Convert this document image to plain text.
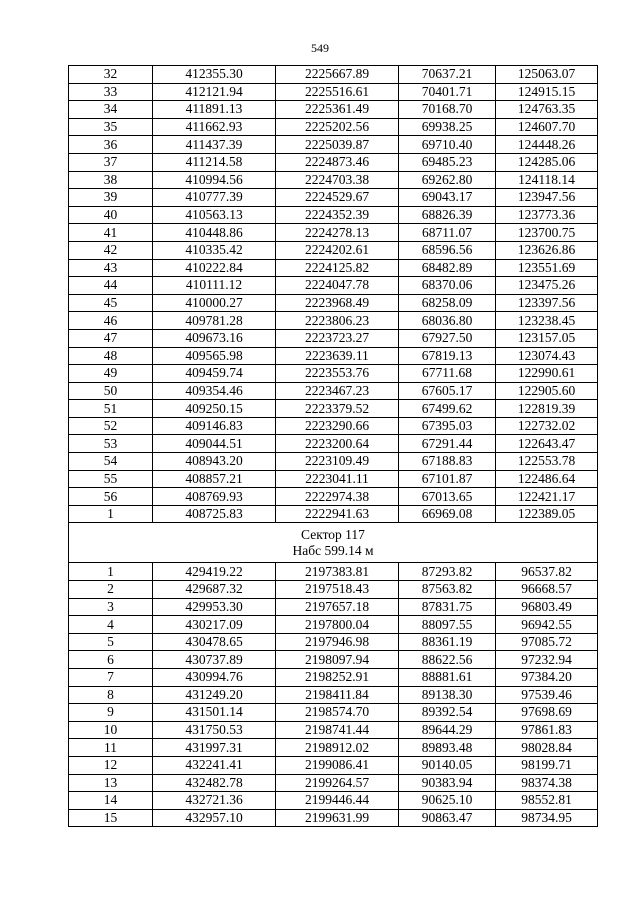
549
32	412355.30	2225667.89	70637.21	125063.07
33	412121.94	2225516.61	70401.71	124915.15
34	411891.13	2225361.49	70168.70	124763.35
35	411662.93	2225202.56	69938.25	124607.70
36	411437.39	2225039.87	69710.40	124448.26
37	411214.58	2224873.46	69485.23	124285.06
38	410994.56	2224703.38	69262.80	124118.14
39	410777.39	2224529.67	69043.17	123947.56
40	410563.13	2224352.39	68826.39	123773.36
41	410448.86	2224278.13	68711.07	123700.75
42	410335.42	2224202.61	68596.56	123626.86
43	410222.84	2224125.82	68482.89	123551.69
44	410111.12	2224047.78	68370.06	123475.26
45	410000.27	2223968.49	68258.09	123397.56
46	409781.28	2223806.23	68036.80	123238.45
47	409673.16	2223723.27	67927.50	123157.05
48	409565.98	2223639.11	67819.13	123074.43
49	409459.74	2223553.76	67711.68	122990.61
50	409354.46	2223467.23	67605.17	122905.60
51	409250.15	2223379.52	67499.62	122819.39
52	409146.83	2223290.66	67395.03	122732.02
53	409044.51	2223200.64	67291.44	122643.47
54	408943.20	2223109.49	67188.83	122553.78
55	408857.21	2223041.11	67101.87	122486.64
56	408769.93	2222974.38	67013.65	122421.17
1	408725.83	2222941.63	66969.08	122389.05

Сектор 117
Набс 599.14 м				

1	429419.22	2197383.81	87293.82	96537.82
2	429687.32	2197518.43	87563.82	96668.57
3	429953.30	2197657.18	87831.75	96803.49
4	430217.09	2197800.04	88097.55	96942.55
5	430478.65	2197946.98	88361.19	97085.72
6	430737.89	2198097.94	88622.56	97232.94
7	430994.76	2198252.91	88881.61	97384.20
8	431249.20	2198411.84	89138.30	97539.46
9	431501.14	2198574.70	89392.54	97698.69
10	431750.53	2198741.44	89644.29	97861.83
11	431997.31	2198912.02	89893.48	98028.84
12	432241.41	2199086.41	90140.05	98199.71
13	432482.78	2199264.57	90383.94	98374.38
14	432721.36	2199446.44	90625.10	98552.81
15	432957.10	2199631.99	90863.47	98734.95
